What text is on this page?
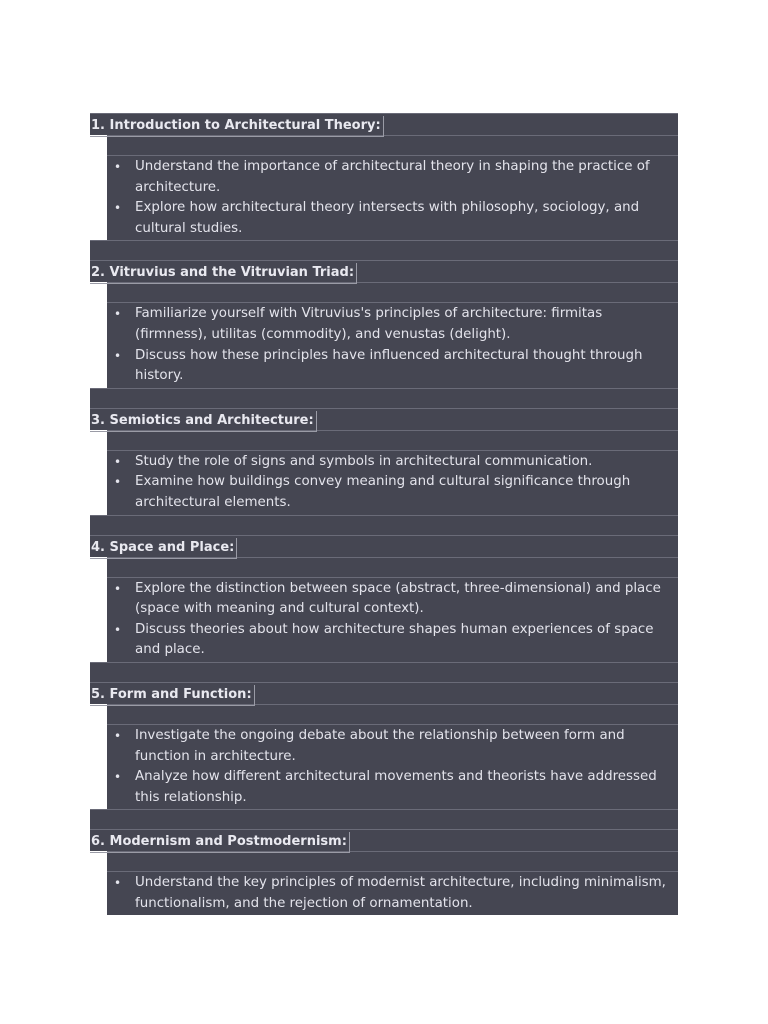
1. Introduction to Architectural Theory:
• Understand the importance of architectural theory in shaping the practice of architecture.
• Explore how architectural theory intersects with philosophy, sociology, and cultural studies.
2. Vitruvius and the Vitruvian Triad:
• Familiarize yourself with Vitruvius's principles of architecture: firmitas (firmness), utilitas (commodity), and venustas (delight).
• Discuss how these principles have influenced architectural thought through history.
3. Semiotics and Architecture:
• Study the role of signs and symbols in architectural communication.
• Examine how buildings convey meaning and cultural significance through architectural elements.
4. Space and Place:
• Explore the distinction between space (abstract, three-dimensional) and place (space with meaning and cultural context).
• Discuss theories about how architecture shapes human experiences of space and place.
5. Form and Function:
• Investigate the ongoing debate about the relationship between form and function in architecture.
• Analyze how different architectural movements and theorists have addressed this relationship.
6. Modernism and Postmodernism:
• Understand the key principles of modernist architecture, including minimalism, functionalism, and the rejection of ornamentation.
